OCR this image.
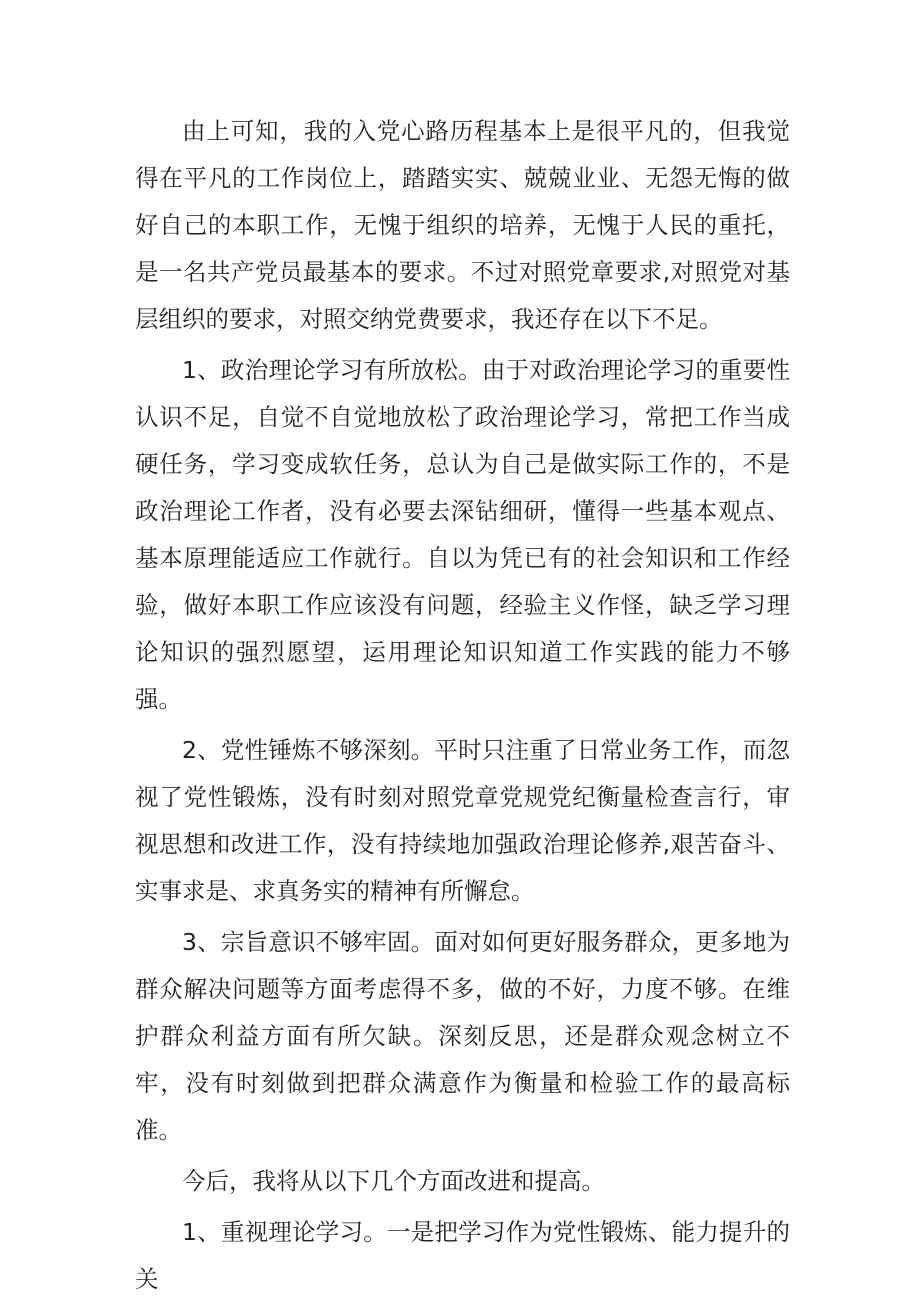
由上可知，我的入党心路历程基本上是很平凡的，但我觉得在平凡的工作岗位上，踏踏实实、兢兢业业、无怨无悔的做好自己的本职工作，无愧于组织的培养，无愧于人民的重托，是一名共产党员最基本的要求。不过对照党章要求,对照党对基层组织的要求，对照交纳党费要求，我还存在以下不足。

1、政治理论学习有所放松。由于对政治理论学习的重要性认识不足，自觉不自觉地放松了政治理论学习，常把工作当成硬任务，学习变成软任务，总认为自己是做实际工作的，不是政治理论工作者，没有必要去深钻细研，懂得一些基本观点、基本原理能适应工作就行。自以为凭已有的社会知识和工作经验，做好本职工作应该没有问题，经验主义作怪，缺乏学习理论知识的强烈愿望，运用理论知识知道工作实践的能力不够强。

2、党性锤炼不够深刻。平时只注重了日常业务工作，而忽视了党性锻炼，没有时刻对照党章党规党纪衡量检查言行，审视思想和改进工作，没有持续地加强政治理论修养,艰苦奋斗、实事求是、求真务实的精神有所懈怠。

3、宗旨意识不够牢固。面对如何更好服务群众，更多地为群众解决问题等方面考虑得不多，做的不好，力度不够。在维护群众利益方面有所欠缺。深刻反思，还是群众观念树立不牢，没有时刻做到把群众满意作为衡量和检验工作的最高标准。

今后，我将从以下几个方面改进和提高。

1、重视理论学习。一是把学习作为党性锻炼、能力提升的关
